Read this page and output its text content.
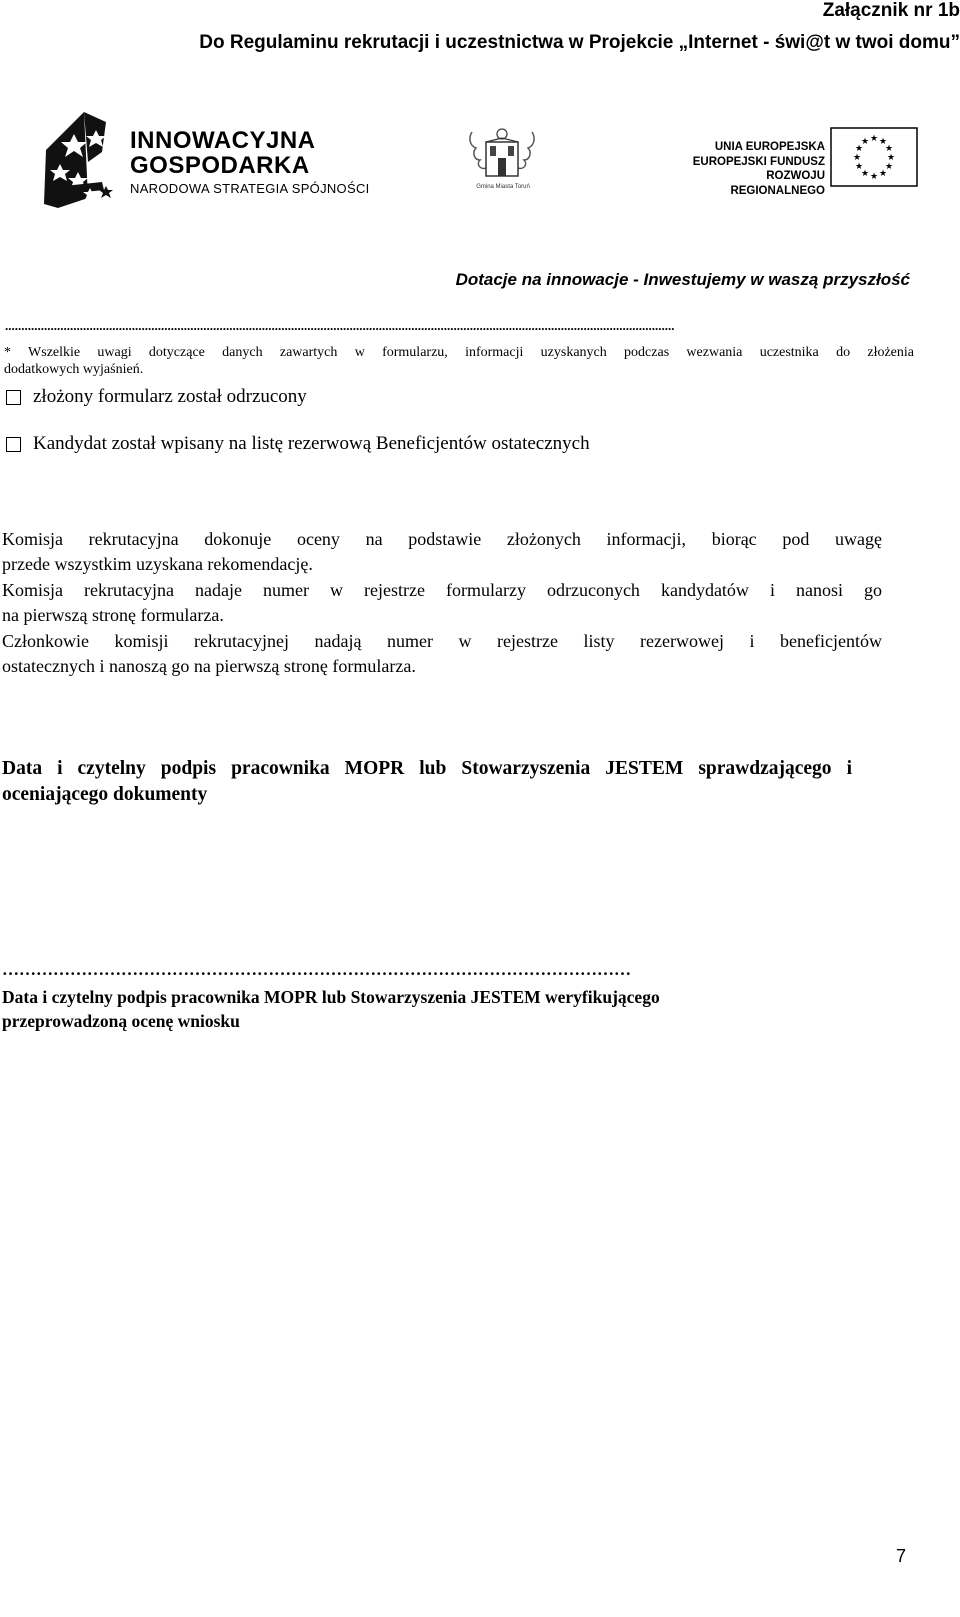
Załącznik nr 1b
Do Regulaminu rekrutacji i uczestnictwa w Projekcie „Internet - świ@t w twoi domu”
INNOWACYJNA
GOSPODARKA
NARODOWA STRATEGIA SPÓJNOŚCI	Gmina Miasta Toruń
UNIA EUROPEJSKA
EUROPEJSKI FUNDUSZ
ROZWOJU REGIONALNEGO
★ ★
★
★
★
★
★
★
★
★
★
★
Dotacje na innowacje - Inwestujemy w waszą przyszłość
..............................................................................................................................................................................................................
* Wszelkie uwagi dotyczące danych zawartych w formularzu, informacji uzyskanych podczas wezwania uczestnika do złożenia
dodatkowych wyjaśnień.
złożony formularz został odrzucony
Kandydat został wpisany na listę rezerwową Beneficjentów ostatecznych
Komisja rekrutacyjna dokonuje oceny na podstawie złożonych informacji, biorąc pod uwagę
przede wszystkim uzyskana rekomendację.
Komisja rekrutacyjna nadaje numer w rejestrze formularzy odrzuconych kandydatów i nanosi go
na pierwszą stronę formularza.
Członkowie komisji rekrutacyjnej nadają numer w rejestrze listy rezerwowej i beneficjentów
ostatecznych i nanoszą go na pierwszą stronę formularza.
Data i czytelny podpis pracownika MOPR lub Stowarzyszenia JESTEM sprawdzającego i
oceniającego dokumenty
…………………………………………………………………………………………………
Data i czytelny podpis pracownika MOPR lub Stowarzyszenia JESTEM weryfikującego
przeprowadzoną ocenę wniosku
7
